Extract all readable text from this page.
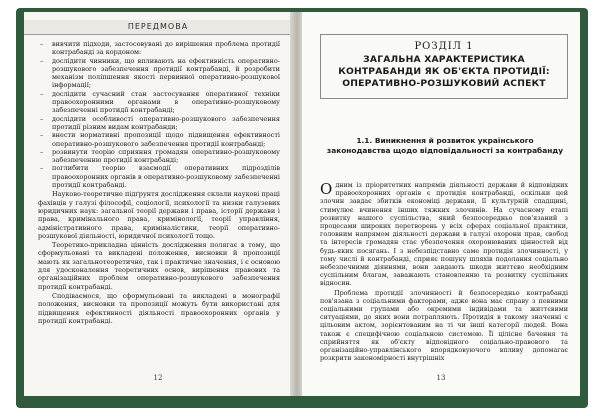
ПЕРЕДМОВА

– вивчити підходи, застосовувані до вирішення проблема протидії контрабанді за кордоном:

– дослідити чинники, що впливають на ефективність оперативно-розшукового забезпечення протидії контрабанді, й розробити механізм поліпшення якості первинної оперативно-розшукової інформації;

– дослідити сучасний стан застосування оперативної техніки правоохоронними органами в оперативно-розшуковому забезпеченні протидії контрабанді;

– дослідити особливості оперативно-розшукового забезпечення протидії різним видам контрабанди;

– внести нормативні пропозиції щодо підвищення ефективності оперативно-розшукового забезпечення протидії контрабанді;

– розвинути теорію сприяння громадян оперативно-розшуковому забезпеченню протидії контрабанді;

– поглибити теорію взаємодії оперативних підрозділів правоохоронних органів в оперативно-розшуковому забезпеченні протидії контрабанді.

Науково-теоретичне підґрунтя дослідження склали наукові праці фахівців у галузі філософії, соціології, психології та низки галузевих юридичних наук: загальної теорії держави і права, історії держави і права, кримінального права, кримінології, теорії управління, адміністративного права, криміналістики, теорії оперативно-розшукової діяльності, юридичної психології тощо.

Теоретико-прикладна цінність дослідження полягає в тому, що сформульовані та викладені положення, висновки й пропозиції мають як загальнотеоретичне, так і практичне значення, і є основою для удосконалення теоретичних основ, вирішення правових та організаційних проблем оперативно-розшукового забезпечення протидії контрабанді.

Сподіваємося, що сформульовані та викладені в монографії положення, висновки та пропозиції можуть бути використані для підвищення ефективності діяльності правоохоронних органів у протидії контрабанді.

12
РОЗДІЛ 1
ЗАГАЛЬНА ХАРАКТЕРИСТИКА КОНТРАБАНДИ ЯК ОБ'ЄКТА ПРОТИДІЇ: ОПЕРАТИВНО-РОЗШУКОВИЙ АСПЕКТ
1.1. Виникнення й розвиток українського законодавства щодо відповідальності за контрабанду

Одним із пріоритетних напрямів діяльності держави й відповідних правоохоронних органів є протидія контрабанді, оскільки цей злочин завдає збитків економіці держави, її культурній спадщині, стимулює вчинення інших тяжких злочинів. На сучасному етапі розвитку нашого суспільства, який безпосередньо пов'язаний з процесами широких перетворень у всіх сферах соціальної практики, головним напрямом діяльності держави в галузі охорони прав, свобод та інтересів громадян стає убезпечення охоронюваних цінностей від будь-яких посягань. І з небезпідставно саме протидія злочинності, у тому числі й контрабанді, сприяє пошуку шляхів подолання соціально небезпечними діяннями, вони завдають шкоди життєво необхідним суспільним благам, заважають становленню та розвитку суспільних відносин.

Проблема протидії злочинності й безпосередньо контрабанді пов'язана з соціальними факторами, адже вона має справу з певними соціальними групами або окремими індивідами та життєвими ситуаціями, до яких вони потрапляють. Протидія в такому значенні є цільовим актом, зорієнтованим на ті чи інші категорії людей. Вона також є специфічною соціальною системою. Її цілісне бачення та сприйняття як об'єкту відповідного соціально-правового та організаційно-управлінського впорядковуючого впливу допомагає розкрити закономірності внутрішніх

13
